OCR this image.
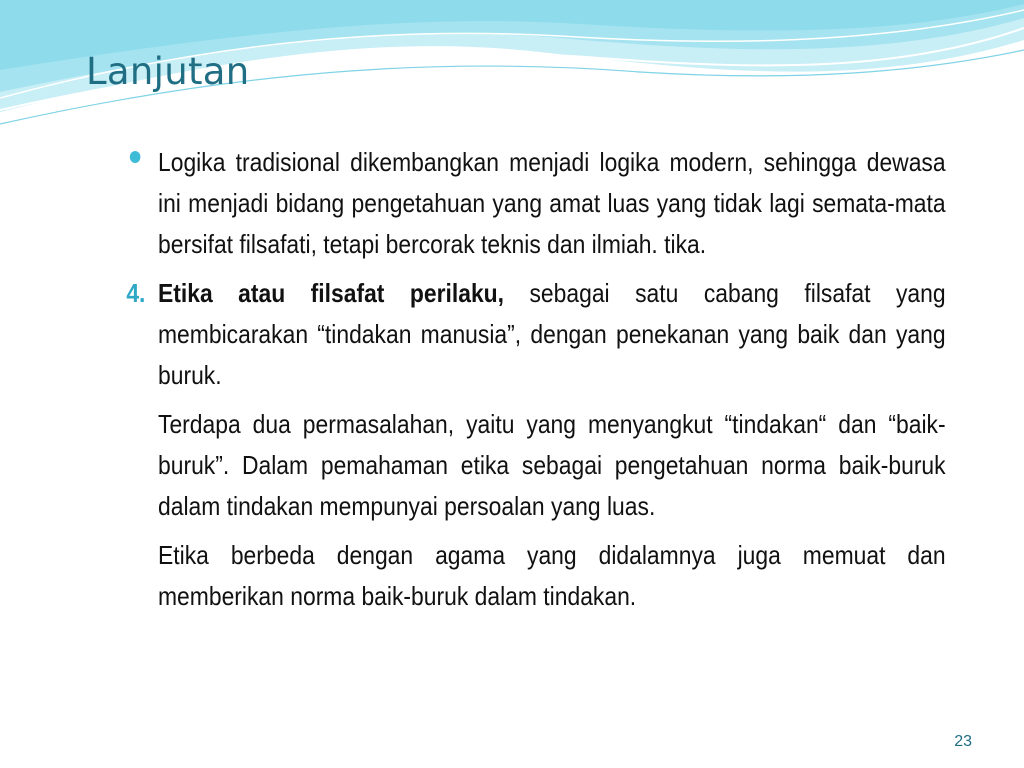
Lanjutan

Logika tradisional dikembangkan menjadi logika modern, sehingga dewasa ini menjadi bidang pengetahuan yang amat luas yang tidak lagi semata-mata bersifat filsafati, tetapi bercorak teknis dan ilmiah. tika.

4. Etika atau filsafat perilaku, sebagai satu cabang filsafat yang membicarakan “tindakan manusia”, dengan penekanan yang baik dan yang buruk.

Terdapa dua permasalahan, yaitu yang menyangkut “tindakan“ dan “baik-buruk”. Dalam pemahaman etika sebagai pengetahuan norma baik-buruk dalam tindakan mempunyai persoalan yang luas.

Etika berbeda dengan agama yang didalamnya juga memuat dan memberikan norma baik-buruk dalam tindakan.

23
